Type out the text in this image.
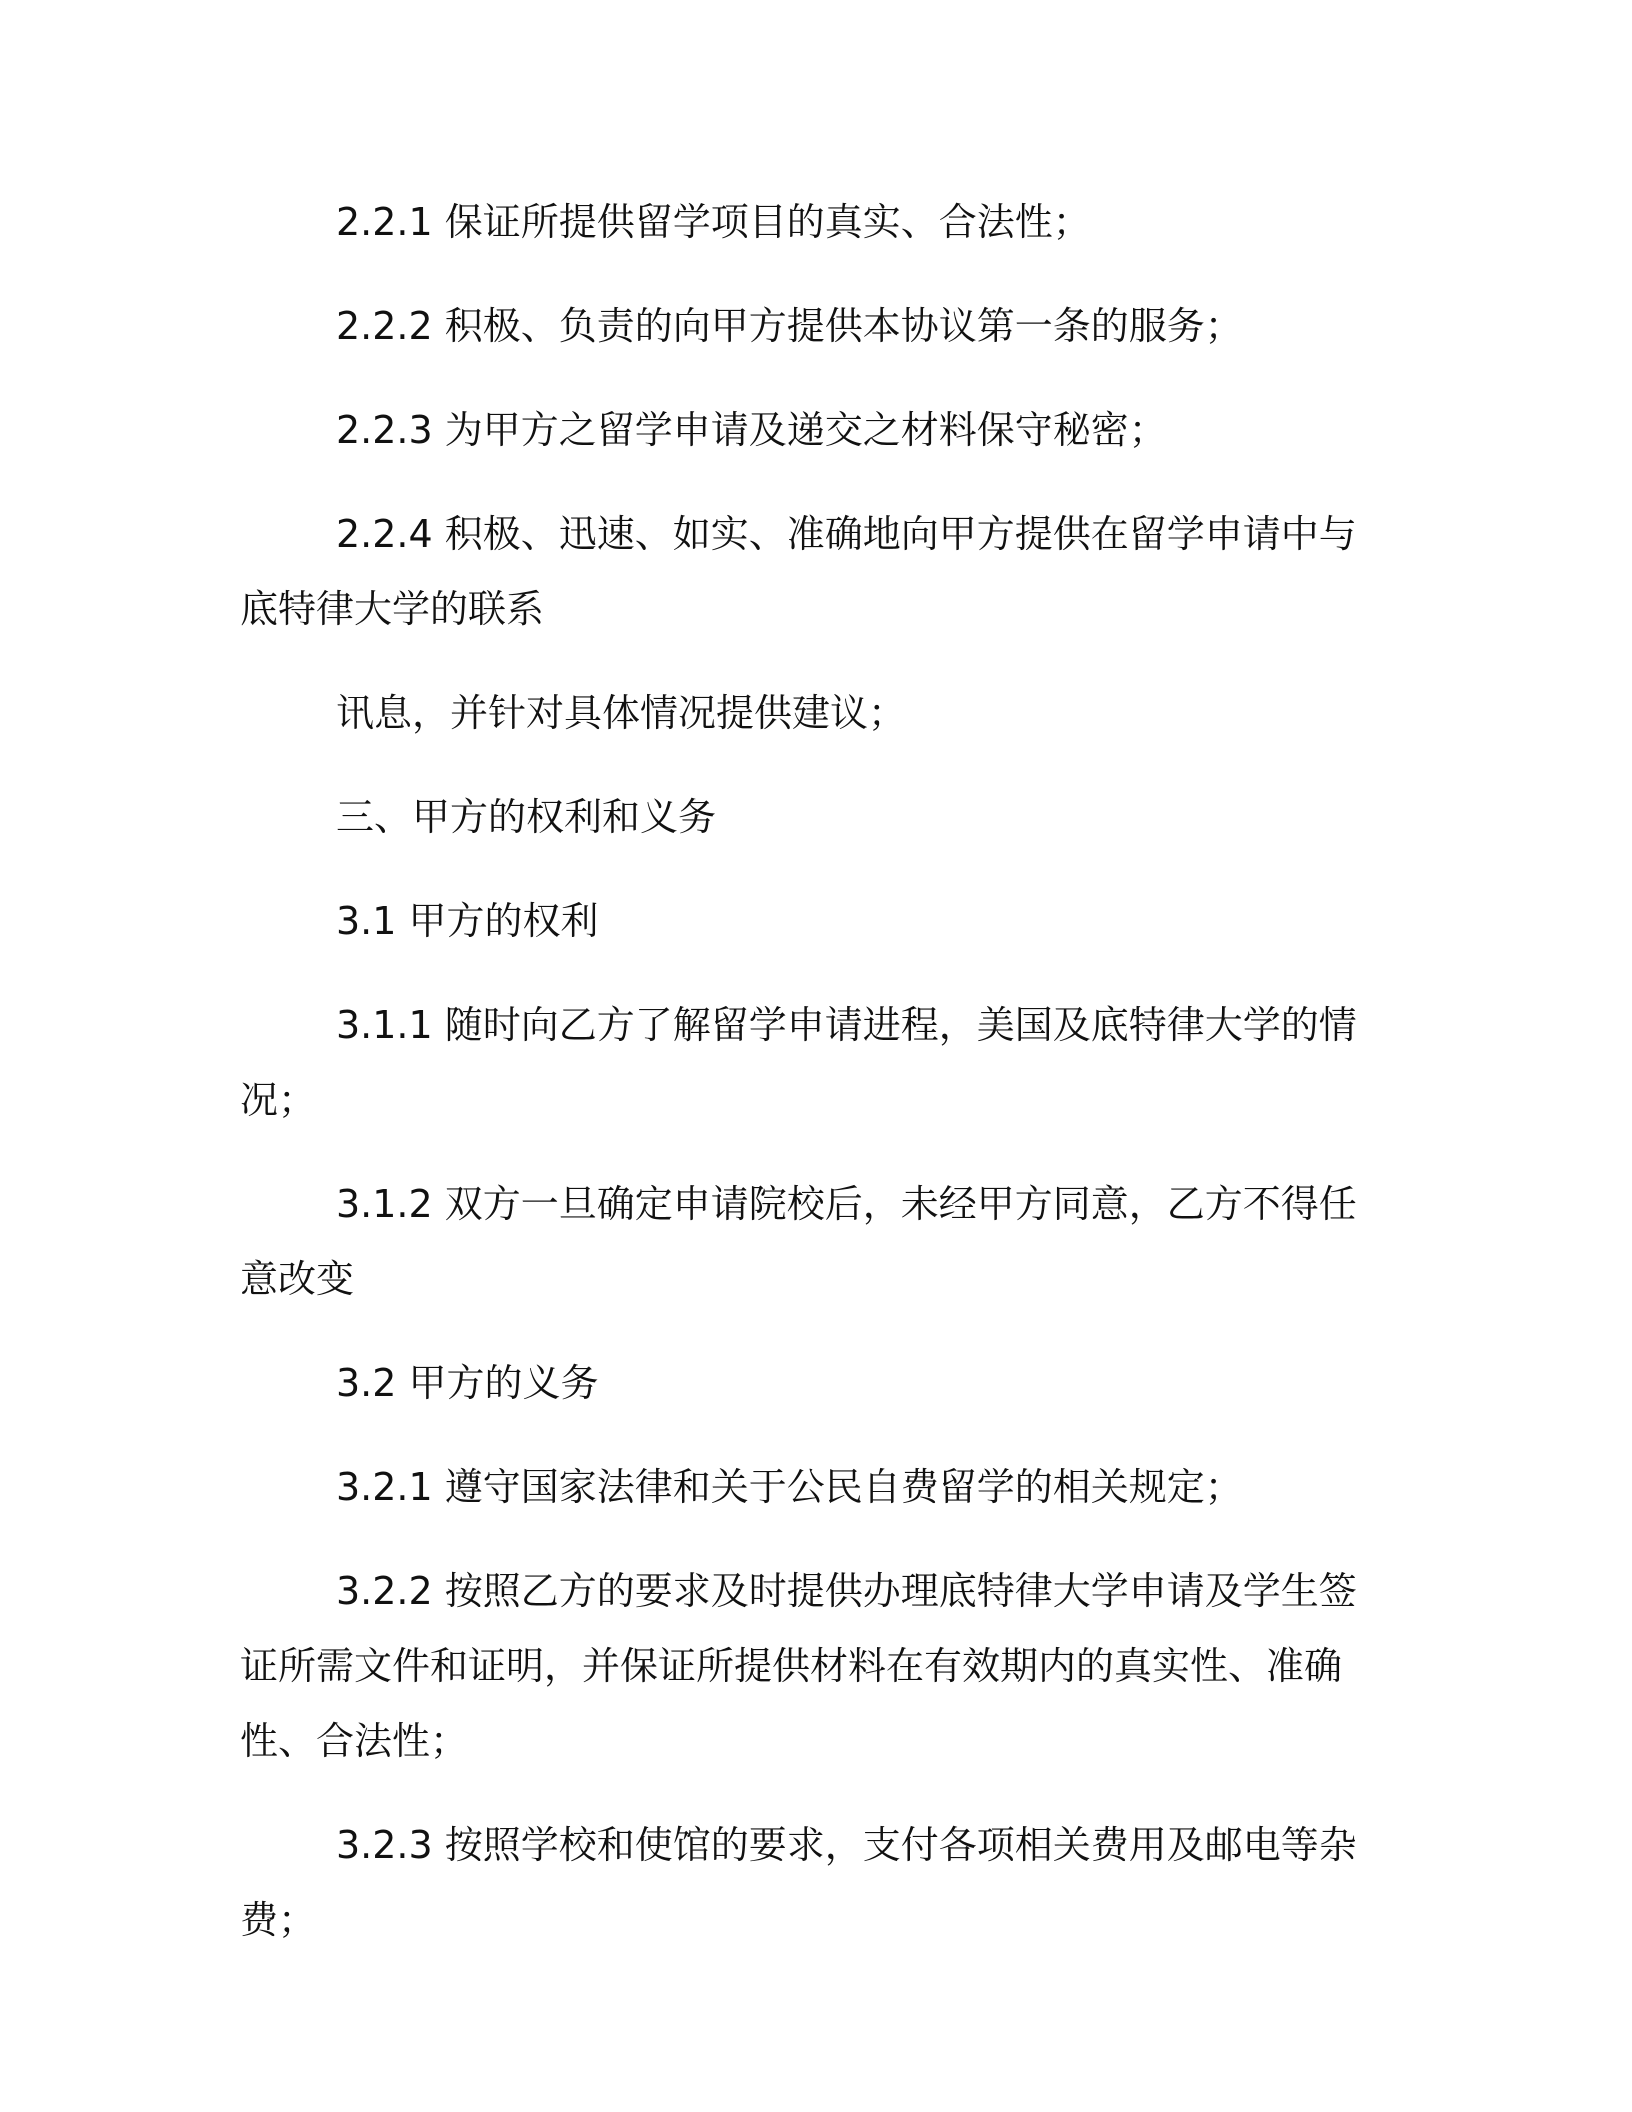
2.2.1 保证所提供留学项目的真实、合法性；

2.2.2 积极、负责的向甲方提供本协议第一条的服务；

2.2.3 为甲方之留学申请及递交之材料保守秘密；

2.2.4 积极、迅速、如实、准确地向甲方提供在留学申请中与底特律大学的联系

讯息，并针对具体情况提供建议；

三、甲方的权利和义务

3.1 甲方的权利

3.1.1 随时向乙方了解留学申请进程，美国及底特律大学的情况；

3.1.2 双方一旦确定申请院校后，未经甲方同意，乙方不得任意改变

3.2 甲方的义务

3.2.1 遵守国家法律和关于公民自费留学的相关规定；

3.2.2 按照乙方的要求及时提供办理底特律大学申请及学生签证所需文件和证明，并保证所提供材料在有效期内的真实性、准确性、合法性；

3.2.3 按照学校和使馆的要求，支付各项相关费用及邮电等杂费；
